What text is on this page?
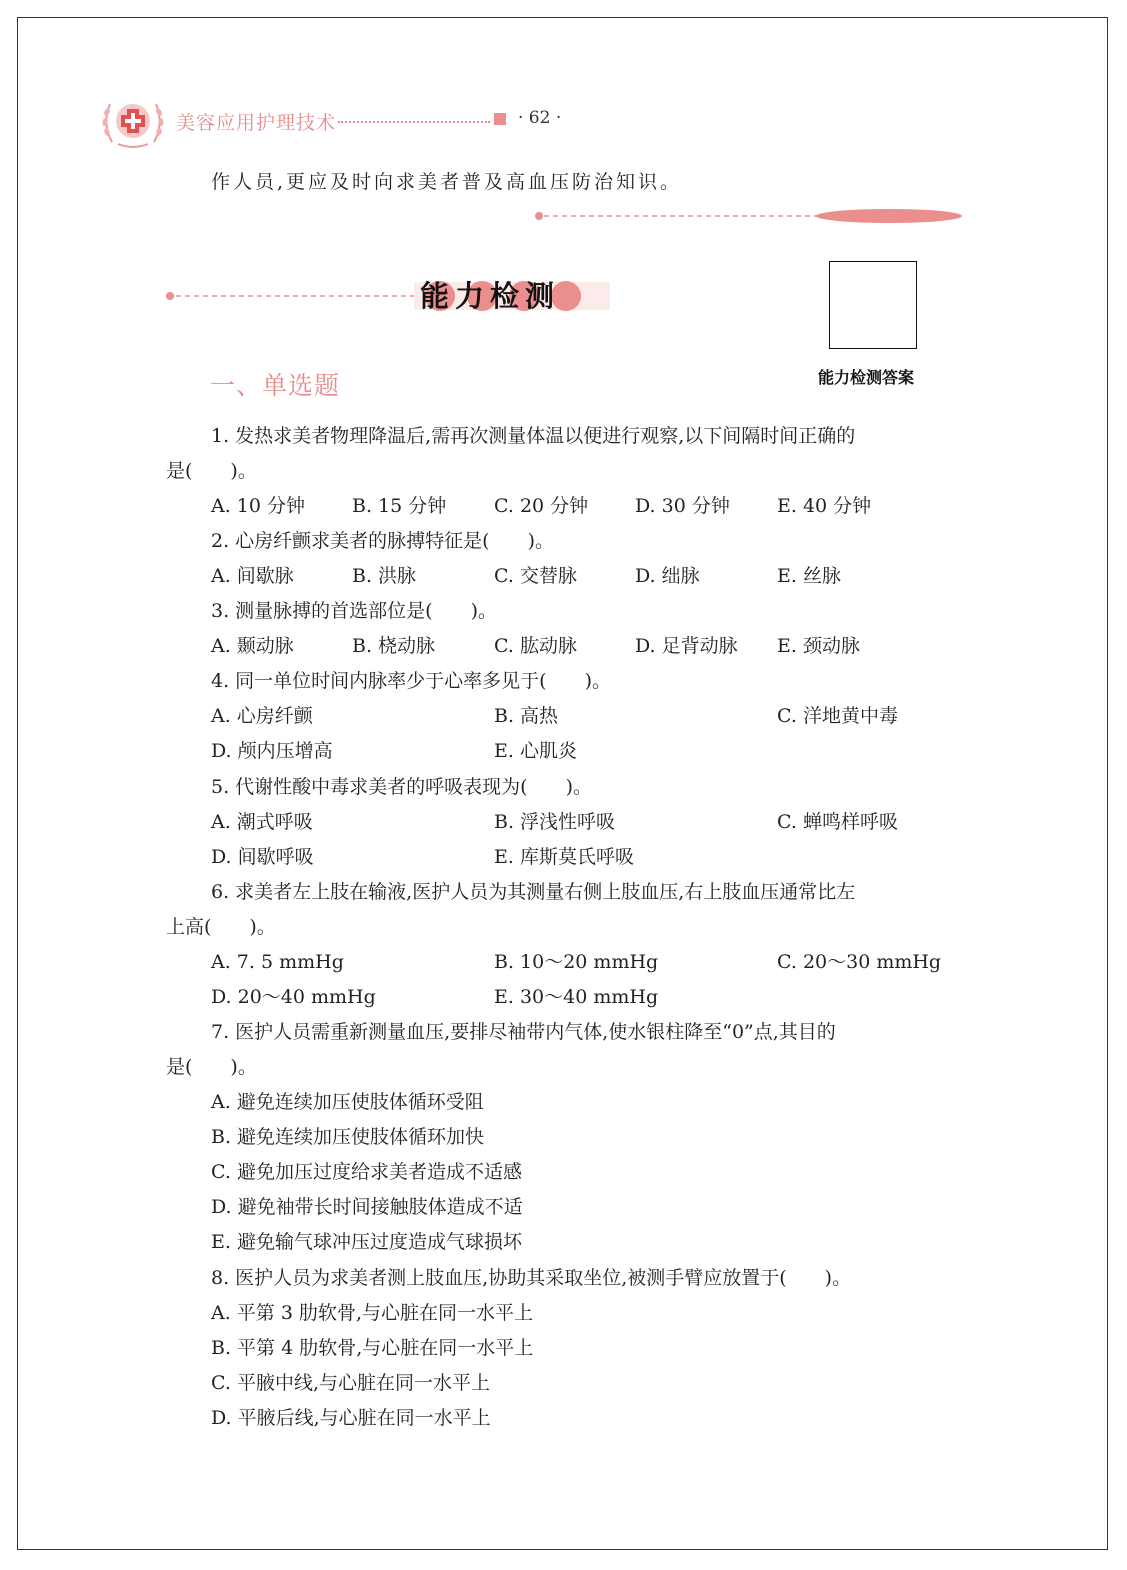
美容应用护理技术	· 62 ·
作人员,更应及时向求美者普及高血压防治知识。
能力检测
能力检测答案
一、单选题
1. 发热求美者物理降温后,需再次测量体温以便进行观察,以下间隔时间正确的
是(　　)。
A. 10 分钟 B. 15 分钟	C. 20 分钟 D. 30 分钟 E. 40 分钟
2. 心房纤颤求美者的脉搏特征是(　　)。
A. 间歇脉	B. 洪脉	C. 交替脉	D. 绌脉	E. 丝脉
3. 测量脉搏的首选部位是(　　)。
A. 颞动脉	B. 桡动脉	C. 肱动脉	D. 足背动脉 E. 颈动脉
4. 同一单位时间内脉率少于心率多见于(　　)。
A. 心房纤颤	B. 高热	C. 洋地黄中毒
D. 颅内压增高	E. 心肌炎
5. 代谢性酸中毒求美者的呼吸表现为(　　)。
A. 潮式呼吸	B. 浮浅性呼吸	C. 蝉鸣样呼吸
D. 间歇呼吸	E. 库斯莫氏呼吸
6. 求美者左上肢在输液,医护人员为其测量右侧上肢血压,右上肢血压通常比左
上高(　　)。
A. 7. 5 mmHg	B. 10～20 mmHg	C. 20～30 mmHg
D. 20～40 mmHg	E. 30～40 mmHg
7. 医护人员需重新测量血压,要排尽袖带内气体,使水银柱降至“0”点,其目的
是(　　)。
A. 避免连续加压使肢体循环受阻
B. 避免连续加压使肢体循环加快
C. 避免加压过度给求美者造成不适感
D. 避免袖带长时间接触肢体造成不适
E. 避免输气球冲压过度造成气球损坏
8. 医护人员为求美者测上肢血压,协助其采取坐位,被测手臂应放置于(　　)。
A. 平第 3 肋软骨,与心脏在同一水平上
B. 平第 4 肋软骨,与心脏在同一水平上
C. 平腋中线,与心脏在同一水平上
D. 平腋后线,与心脏在同一水平上
